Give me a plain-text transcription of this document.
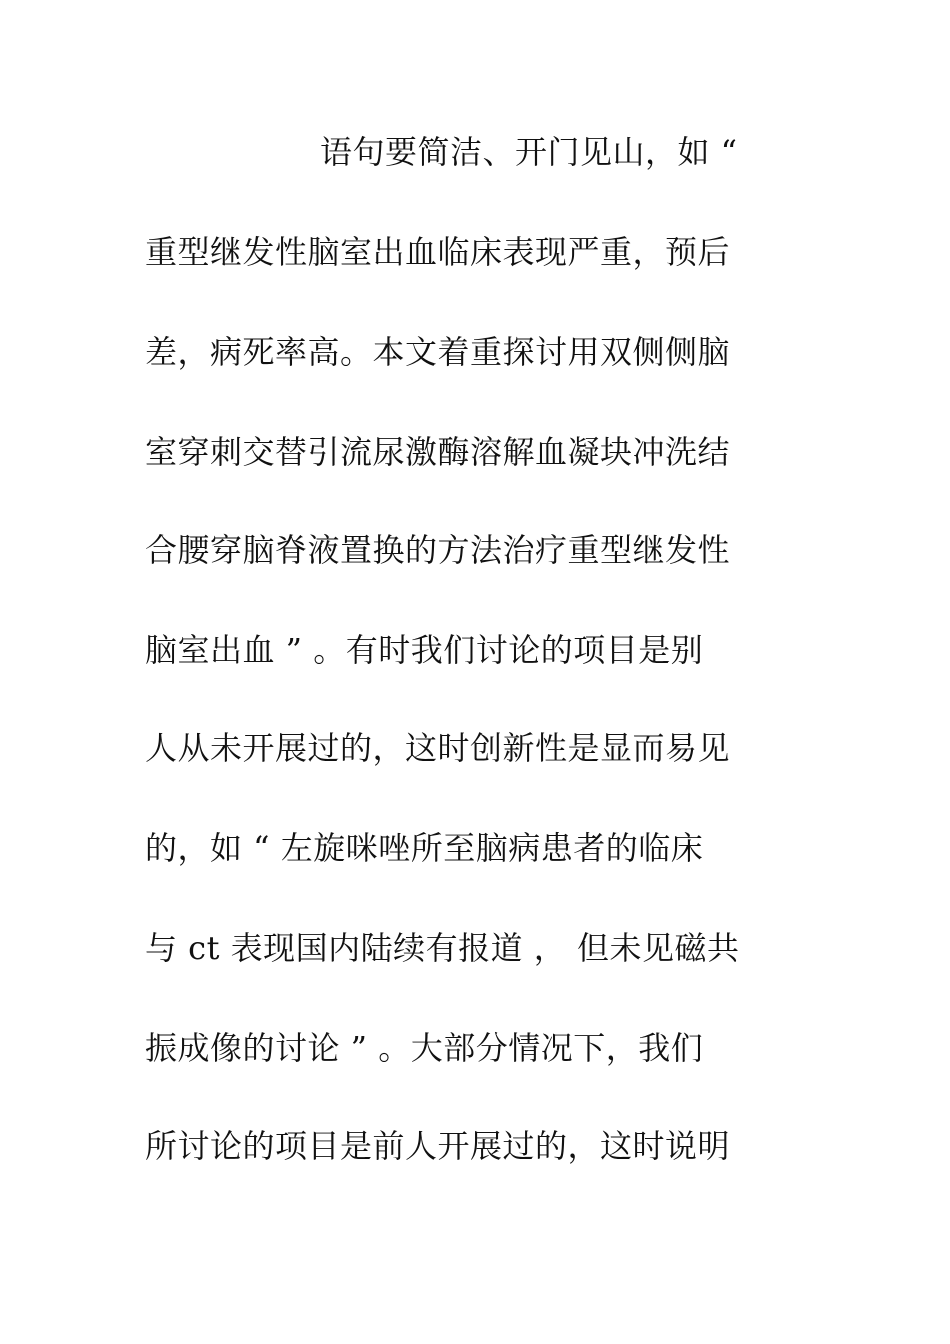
语句要简洁、开门见山，如 “
重型继发性脑室出血临床表现严重，预后
差，病死率高。本文着重探讨用双侧侧脑
室穿刺交替引流尿激酶溶解血凝块冲洗结
合腰穿脑脊液置换的方法治疗重型继发性
脑室出血 ” 。有时我们讨论的项目是别
人从未开展过的，这时创新性是显而易见
的，如 “ 左旋咪唑所至脑病患者的临床
与 ct 表现国内陆续有报道 ， 但未见磁共
振成像的讨论 ” 。大部分情况下，我们
所讨论的项目是前人开展过的，这时说明
